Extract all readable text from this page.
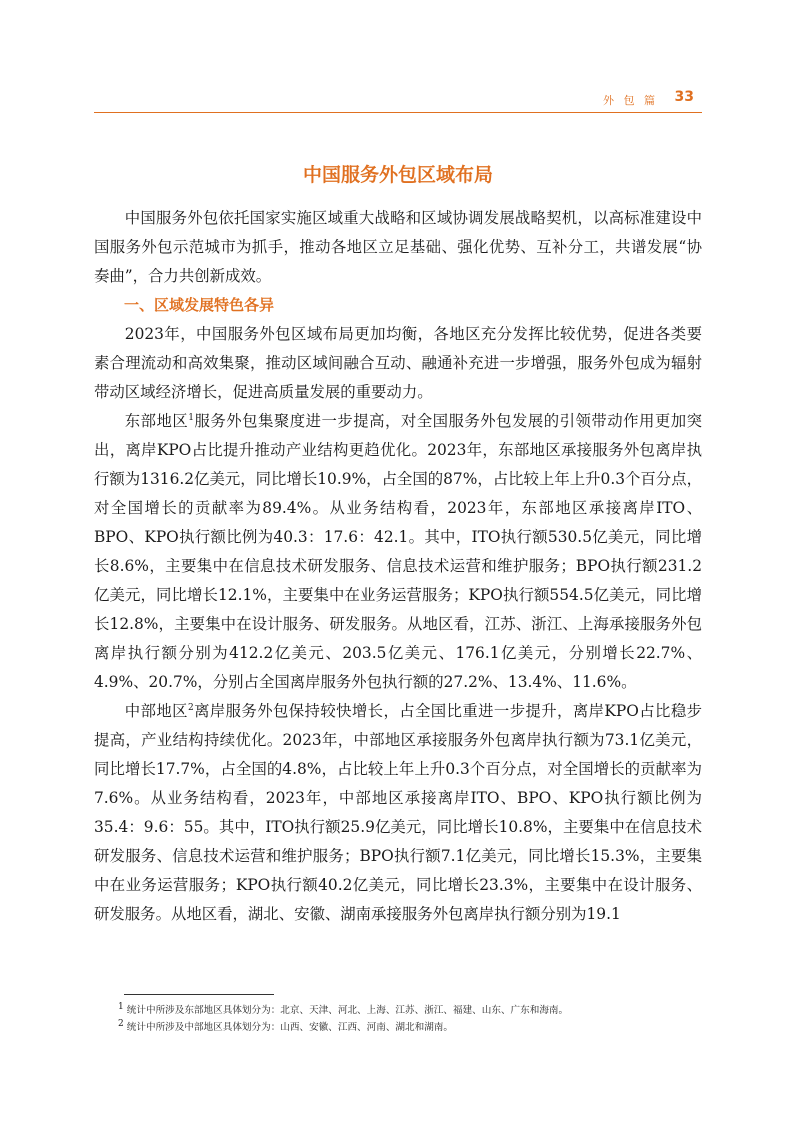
外 包 篇 33
中国服务外包区域布局

中国服务外包依托国家实施区域重大战略和区域协调发展战略契机，以高标准建设中国服务外包示范城市为抓手，推动各地区立足基础、强化优势、互补分工，共谱发展“协奏曲”，合力共创新成效。

一、区域发展特色各异

2023年，中国服务外包区域布局更加均衡，各地区充分发挥比较优势，促进各类要素合理流动和高效集聚，推动区域间融合互动、融通补充进一步增强，服务外包成为辐射带动区域经济增长，促进高质量发展的重要动力。

东部地区$^1$服务外包集聚度进一步提高，对全国服务外包发展的引领带动作用更加突出，离岸KPO占比提升推动产业结构更趋优化。2023年，东部地区承接服务外包离岸执行额为1316.2亿美元，同比增长10.9%，占全国的87%，占比较上年上升0.3个百分点，对全国增长的贡献率为89.4%。从业务结构看，2023年，东部地区承接离岸ITO、BPO、KPO执行额比例为40.3：17.6：42.1。其中，ITO执行额530.5亿美元，同比增长8.6%，主要集中在信息技术研发服务、信息技术运营和维护服务；BPO执行额231.2亿美元，同比增长12.1%，主要集中在业务运营服务；KPO执行额554.5亿美元，同比增长12.8%，主要集中在设计服务、研发服务。从地区看，江苏、浙江、上海承接服务外包离岸执行额分别为412.2亿美元、203.5亿美元、176.1亿美元，分别增长22.7%、4.9%、20.7%，分别占全国离岸服务外包执行额的27.2%、13.4%、11.6%。

中部地区$^2$离岸服务外包保持较快增长，占全国比重进一步提升，离岸KPO占比稳步提高，产业结构持续优化。2023年，中部地区承接服务外包离岸执行额为73.1亿美元，同比增长17.7%，占全国的4.8%，占比较上年上升0.3个百分点，对全国增长的贡献率为7.6%。从业务结构看，2023年，中部地区承接离岸ITO、BPO、KPO执行额比例为35.4：9.6：55。其中，ITO执行额25.9亿美元，同比增长10.8%，主要集中在信息技术研发服务、信息技术运营和维护服务；BPO执行额7.1亿美元，同比增长15.3%，主要集中在业务运营服务；KPO执行额40.2亿美元，同比增长23.3%，主要集中在设计服务、研发服务。从地区看，湖北、安徽、湖南承接服务外包离岸执行额分别为19.1

$^1$ 统计中所涉及东部地区具体划分为：北京、天津、河北、上海、江苏、浙江、福建、山东、广东和海南。
$^2$ 统计中所涉及中部地区具体划分为：山西、安徽、江西、河南、湖北和湖南。
